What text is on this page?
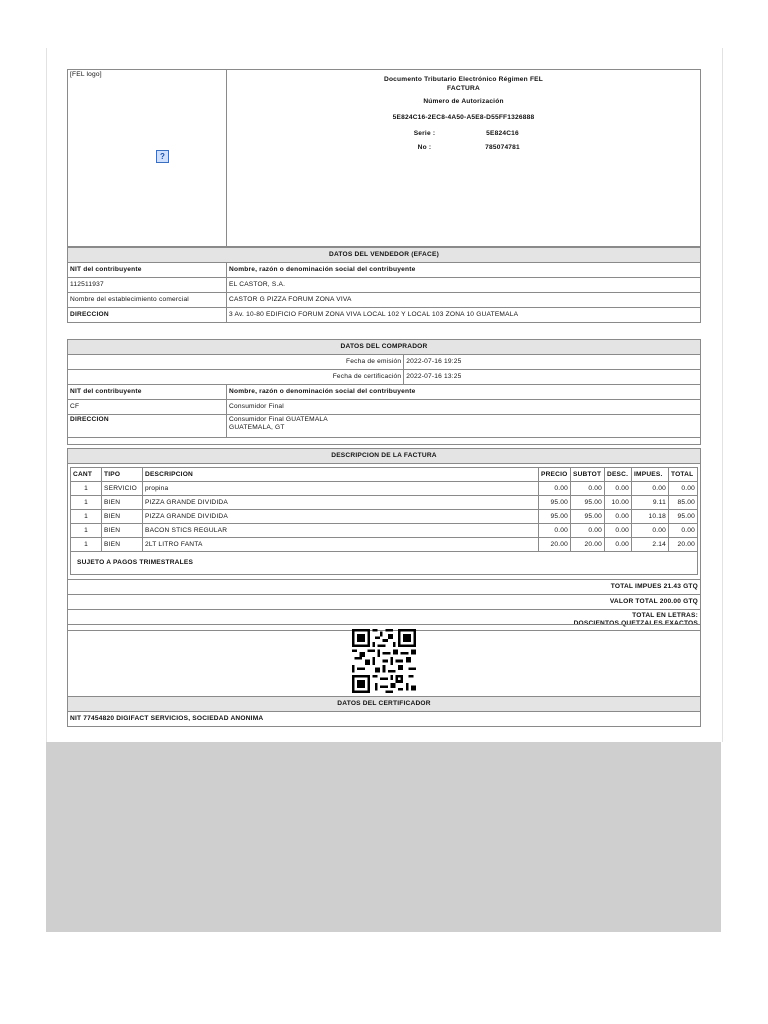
[FEL logo]
?

Documento Tributario Electrónico Régimen FEL
FACTURA
Número de Autorización
5E824C16-2EC8-4A50-A5E8-D55FF1326888
Serie :	5E824C16
No :	785074781
DATOS DEL VENDEDOR (EFACE)	
NIT del contribuyente	Nombre, razón o denominación social del contribuyente
112511937	EL CASTOR, S.A.
Nombre del establecimiento comercial	CASTOR G PIZZA FORUM ZONA VIVA
DIRECCION	3 Av. 10-80 EDIFICIO FORUM ZONA VIVA LOCAL 102 Y LOCAL 103 ZONA 10 GUATEMALA
DATOS DEL COMPRADOR		
Fecha de emisión		2022-07-16 19:25
Fecha de certificación		2022-07-16 13:25
NIT del contribuyente	Nombre, razón o denominación social del contribuyente	
CF	Consumidor Final	
DIRECCION	Consumidor Final GUATEMALA
GUATEMALA, GT	

DESCRIPCION DE LA FACTURA

CANT	TIPO	DESCRIPCION	PRECIO	SUBTOT	DESC.	IMPUES.	TOTAL
1	SERVICIO	propina	0.00	0.00	0.00	0.00	0.00
1	BIEN	PIZZA GRANDE DIVIDIDA	95.00	95.00	10.00	9.11	85.00
1	BIEN	PIZZA GRANDE DIVIDIDA	95.00	95.00	0.00	10.18	95.00
1	BIEN	BACON STICS REGULAR	0.00	0.00	0.00	0.00	0.00
1	BIEN	2LT LITRO FANTA	20.00	20.00	0.00	2.14	20.00
SUJETO A PAGOS TRIMESTRALES

TOTAL IMPUES 21.43 GTQ
VALOR TOTAL 200.00 GTQ

TOTAL EN LETRAS:
DOSCIENTOS QUETZALES EXACTOS

DATOS DEL CERTIFICADOR
NIT 77454820 DIGIFACT SERVICIOS, SOCIEDAD ANONIMA
